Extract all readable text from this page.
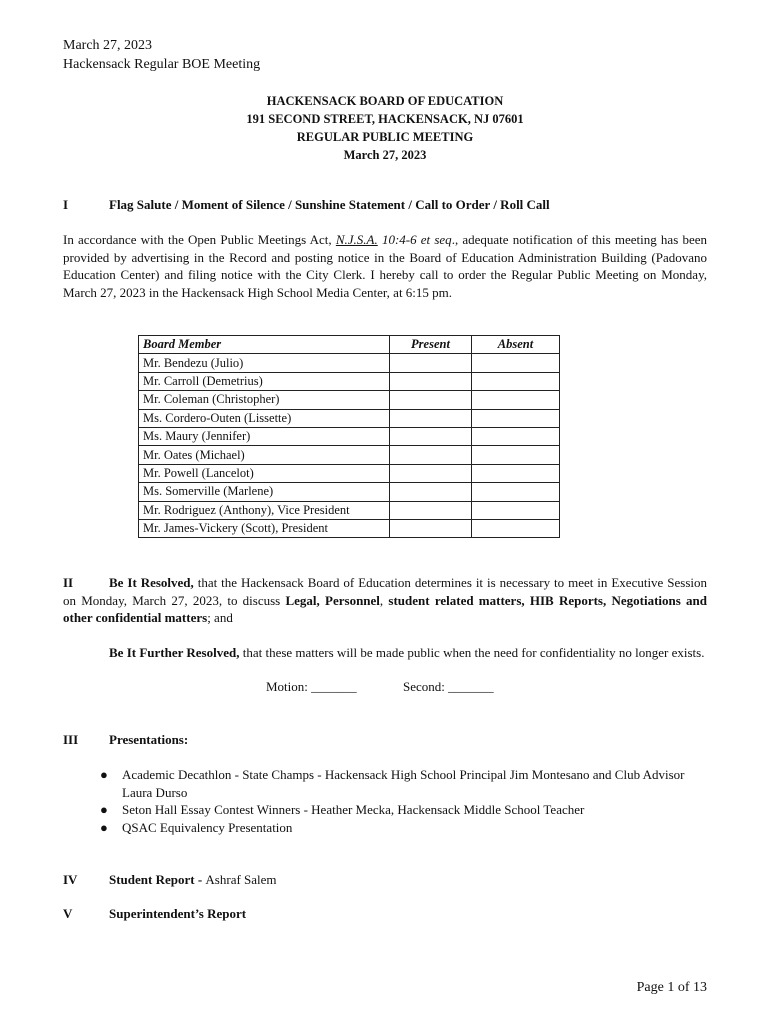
March 27, 2023
Hackensack Regular BOE Meeting
HACKENSACK BOARD OF EDUCATION
191 SECOND STREET, HACKENSACK, NJ 07601
REGULAR PUBLIC MEETING
March 27, 2023
I	Flag Salute / Moment of Silence / Sunshine Statement / Call to Order / Roll Call
In accordance with the Open Public Meetings Act, N.J.S.A. 10:4-6 et seq., adequate notification of this meeting has been provided by advertising in the Record and posting notice in the Board of Education Administration Building (Padovano Education Center) and filing notice with the City Clerk. I hereby call to order the Regular Public Meeting on Monday, March 27, 2023 in the Hackensack High School Media Center, at 6:15 pm.
Board Member	Present	Absent
Mr. Bendezu (Julio)		
Mr. Carroll (Demetrius)		
Mr. Coleman (Christopher)		
Ms. Cordero-Outen (Lissette)		
Ms. Maury (Jennifer)		
Mr. Oates (Michael)		
Mr. Powell (Lancelot)		
Ms. Somerville (Marlene)		
Mr. Rodriguez (Anthony), Vice President		
Mr. James-Vickery (Scott), President		
II	Be It Resolved, that the Hackensack Board of Education determines it is necessary to meet in Executive Session on Monday, March 27, 2023, to discuss Legal, Personnel, student related matters, HIB Reports, Negotiations and other confidential matters; and
Be It Further Resolved, that these matters will be made public when the need for confidentiality no longer exists.
Motion: _______	Second: _______
III Presentations:
● Academic Decathlon - State Champs - Hackensack High School Principal Jim Montesano and Club Advisor Laura Durso
● Seton Hall Essay Contest Winners - Heather Mecka, Hackensack Middle School Teacher
● QSAC Equivalency Presentation
IV Student Report - Ashraf Salem
V	Superintendent’s Report
Page 1 of 13
